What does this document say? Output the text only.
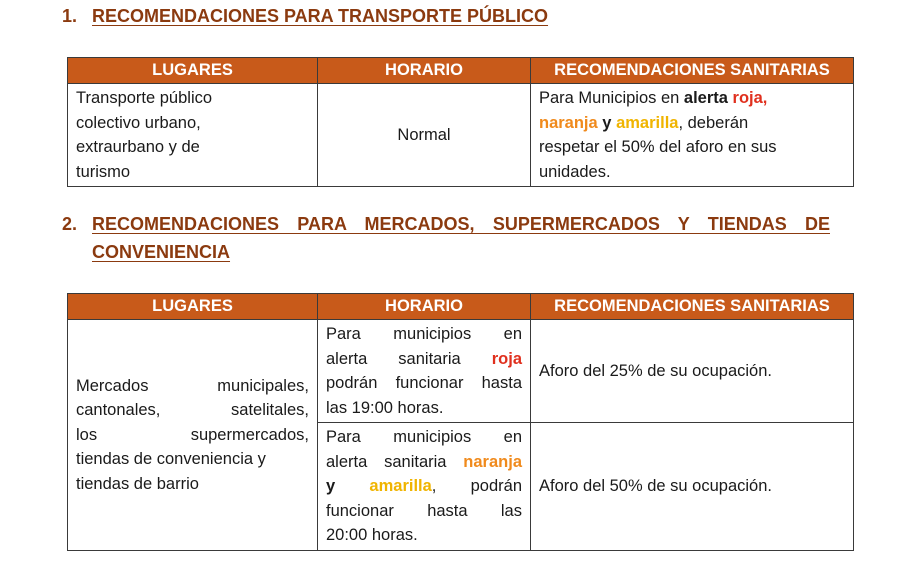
1. RECOMENDACIONES PARA TRANSPORTE PÚBLICO
LUGARES	HORARIO	RECOMENDACIONES SANITARIAS

Transporte público
colectivo urbano,
extraurbano y de
turismo	Normal	Para Municipios en alerta roja,
naranja y amarilla, deberán
respetar el 50% del aforo en sus
unidades.
2. RECOMENDACIONES PARA MERCADOS, SUPERMERCADOS Y TIENDAS DE
CONVENIENCIA
LUGARES	HORARIO	RECOMENDACIONES SANITARIAS

Mercados municipales,
cantonales, satelitales,
los supermercados,
tiendas de conveniencia y
tiendas de barrio	Para municipios en
alerta sanitaria roja
podrán funcionar hasta
las 19:00 horas.	Aforo del 25% de su ocupación.

	Para municipios en
alerta sanitaria naranja
y amarilla, podrán
funcionar hasta las
20:00 horas.	Aforo del 50% de su ocupación.
